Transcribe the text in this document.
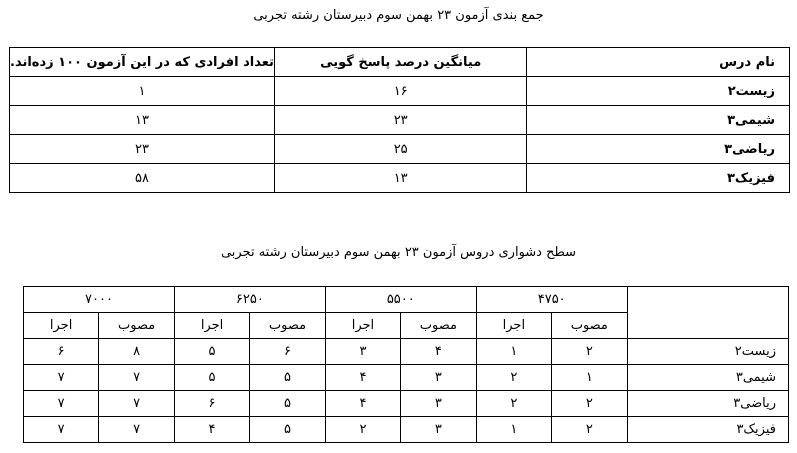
جمع بندی آزمون ۲۳ بهمن سوم دبیرستان رشته تجربی
نام درس	میانگین درصد پاسخ گویی	تعداد افرادی که در این آزمون ۱۰۰ زده‌اند.
زیست۲	۱۶	۱
شیمی۳	۲۳	۱۳
ریاضی۳	۲۵	۲۳
فیزیک۳	۱۳	۵۸
سطح دشواری دروس آزمون ۲۳ بهمن سوم دبیرستان رشته تجربی
	۴۷۵۰		۵۵۰۰		۶۲۵۰		۷۰۰۰	
	مصوب	اجرا	مصوب	اجرا	مصوب	اجرا	مصوب	اجرا
زیست۲	۲	۱	۴	۳	۶	۵	۸	۶
شیمی۳	۱	۲	۳	۴	۵	۵	۷	۷
ریاضی۳	۲	۲	۳	۴	۵	۶	۷	۷
فیزیک۳	۲	۱	۳	۲	۵	۴	۷	۷
